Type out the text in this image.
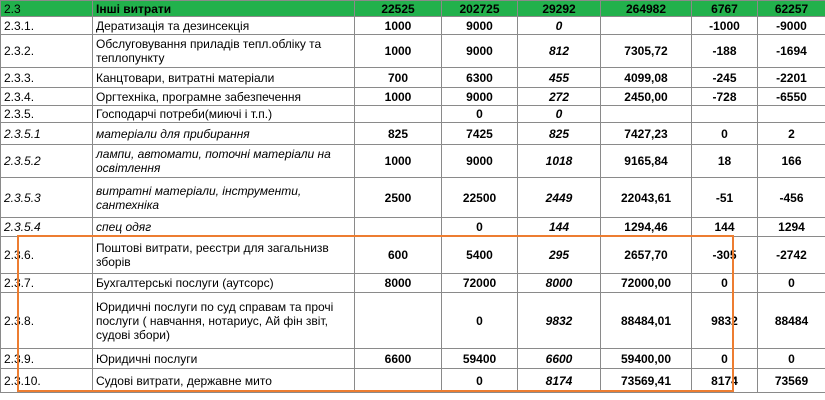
2.3	Інші витрати	22525	202725	29292	264982	6767	62257
2.3.1.	Дератизація та дезинсекція	1000	9000	0		-1000	-9000
2.3.2.	Обслуговування приладів тепл.обліку та теплопункту	1000	9000	812	7305,72	-188	-1694
2.3.3.	Канцтовари, витратні матеріали	700	6300	455	4099,08	-245	-2201
2.3.4.	Оргтехніка, програмне забезпечення	1000	9000	272	2450,00	-728	-6550
2.3.5.	Господарчі потреби(миючі і т.п.)		0	0			
2.3.5.1	матеріали для прибирання	825	7425	825	7427,23	0	2
2.3.5.2	лампи, автомати, поточні матеріали на освітлення	1000	9000	1018	9165,84	18	166
2.3.5.3	витратні матеріали, інструменти, сантехніка	2500	22500	2449	22043,61	-51	-456
2.3.5.4	спец одяг		0	144	1294,46	144	1294
2.3.6.	Поштові витрати, реєстри для загальнизв зборів	600	5400	295	2657,70	-305	-2742
2.3.7.	Бухгалтерські послуги (аутсорс)	8000	72000	8000	72000,00	0	0
2.3.8.	Юридичні послуги по суд справам та прочі послуги ( навчання, нотариус, Ай фін звіт, судові збори)		0	9832	88484,01	9832	88484
2.3.9.	Юридичні послуги	6600	59400	6600	59400,00	0	0
2.3.10.	Судові витрати, державне мито		0	8174	73569,41	8174	73569
